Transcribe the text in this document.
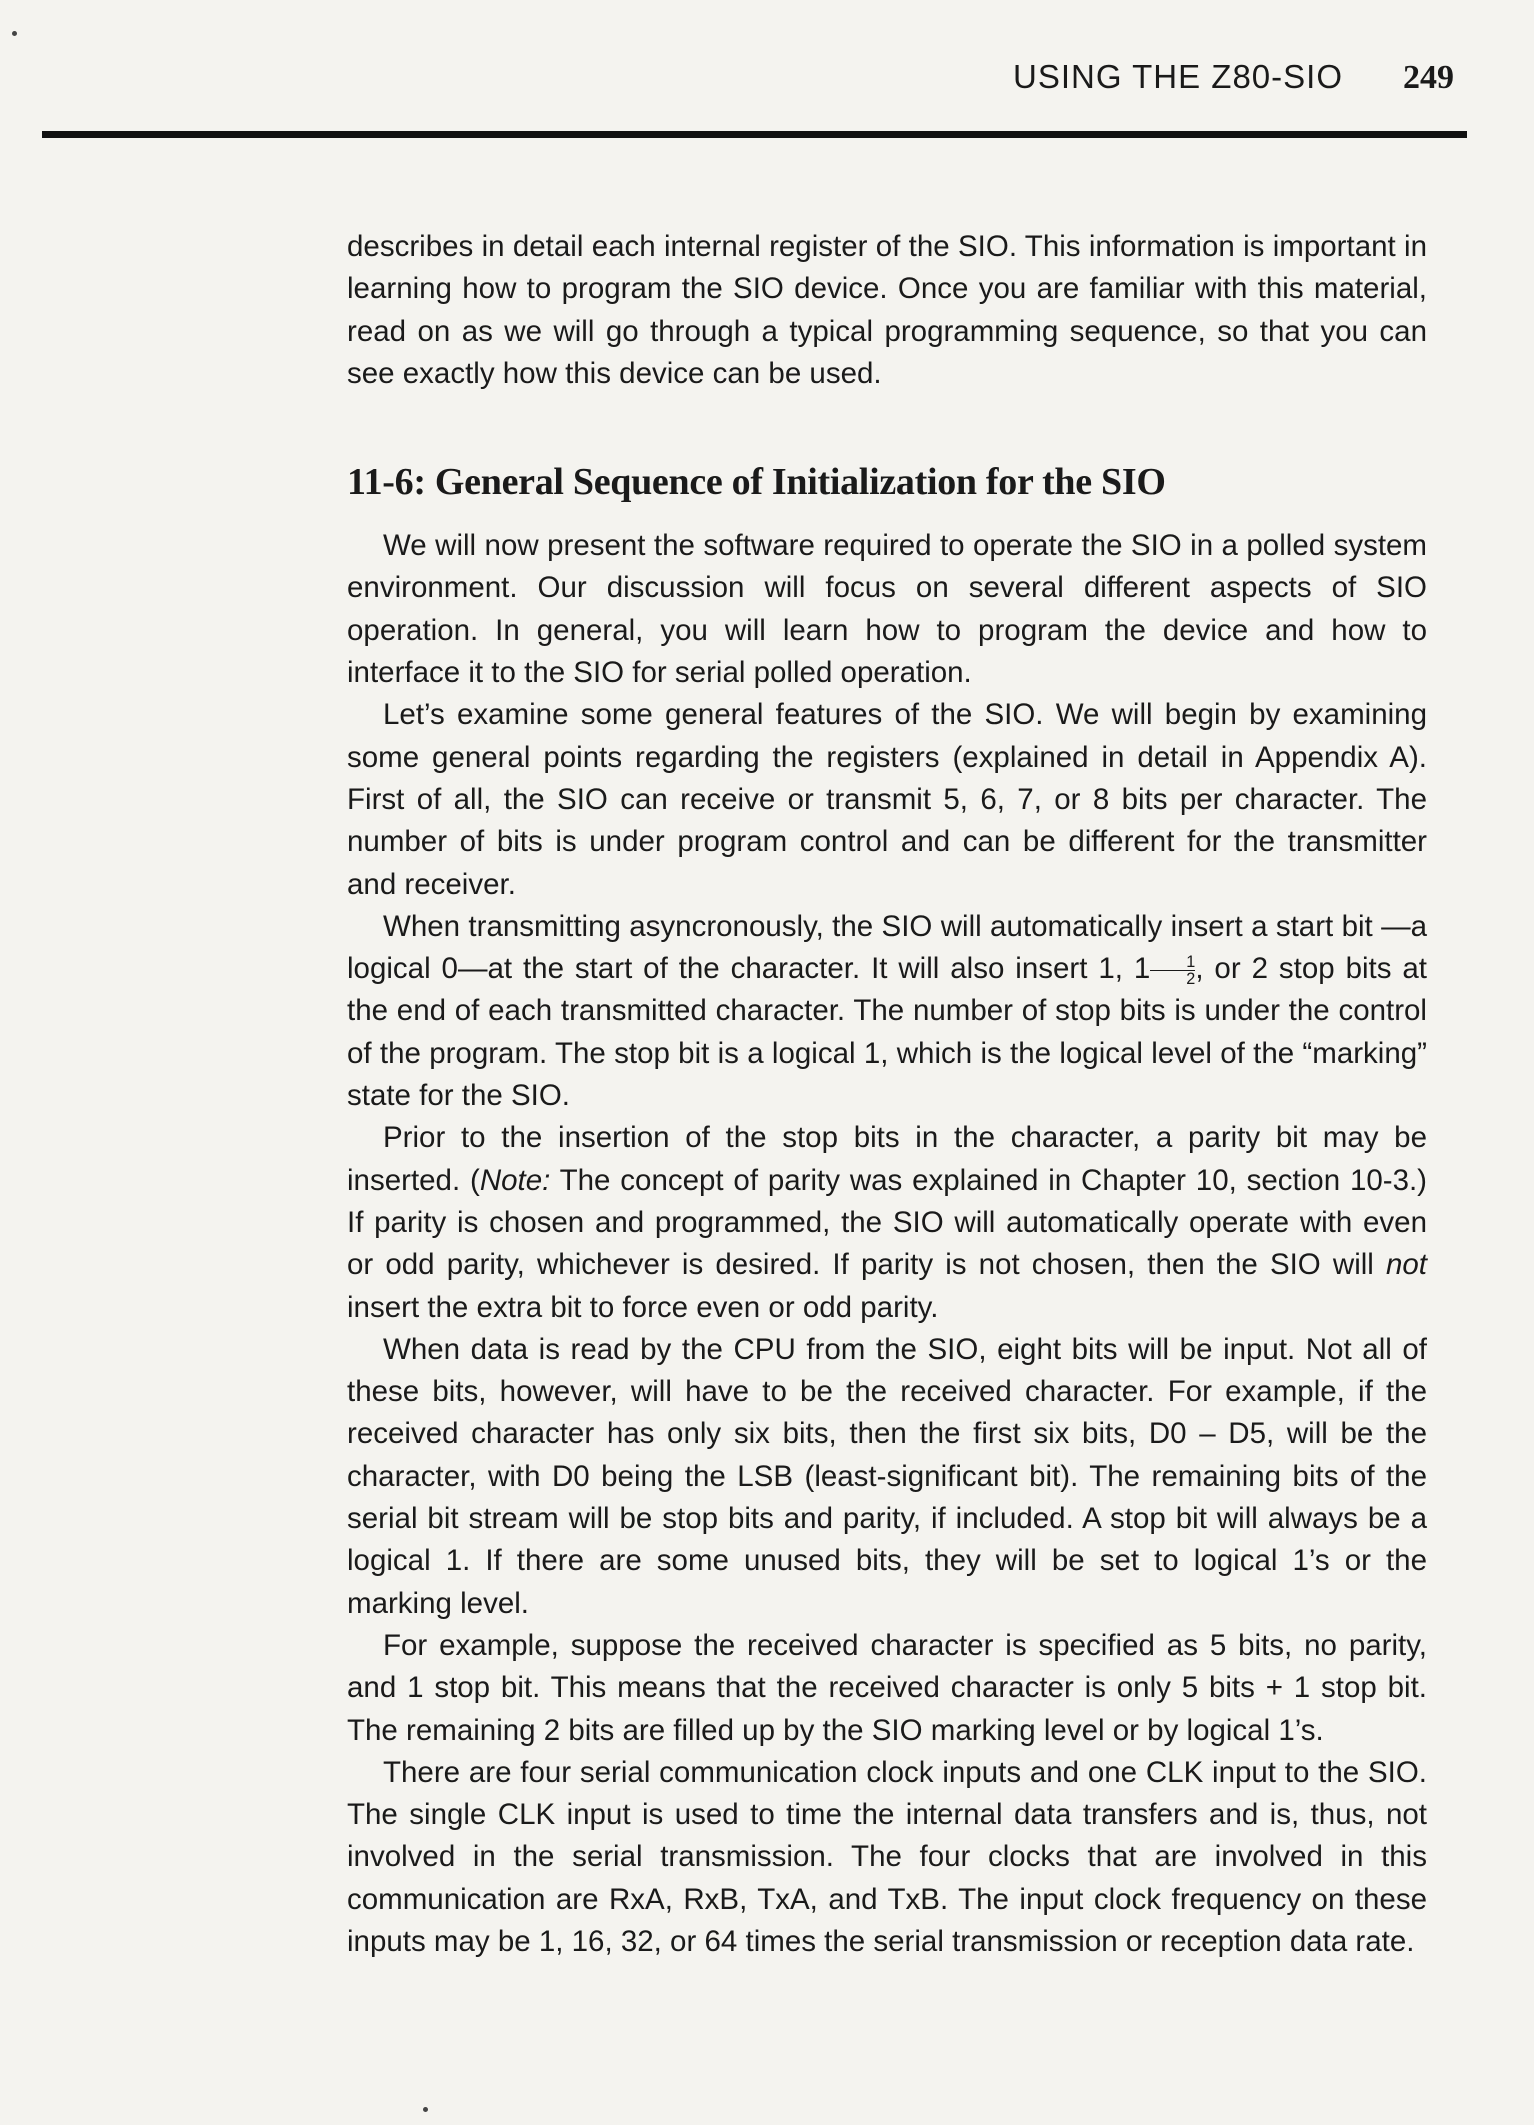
USING THE Z80-SIO 249

describes in detail each internal register of the SIO. This information is important in learning how to program the SIO device. Once you are familiar with this material, read on as we will go through a typical programming sequence, so that you can see exactly how this device can be used.

11-6: General Sequence of Initialization for the SIO

We will now present the software required to operate the SIO in a polled system environment. Our discussion will focus on several different aspects of SIO operation. In general, you will learn how to program the device and how to interface it to the SIO for serial polled operation.

Let’s examine some general features of the SIO. We will begin by examining some general points regarding the registers (explained in detail in Appendix A). First of all, the SIO can receive or transmit 5, 6, 7, or 8 bits per character. The number of bits is under program control and can be different for the transmitter and receiver.

When transmitting asyncronously, the SIO will automatically insert a start bit —a logical 0—at the start of the character. It will also insert 1, $1 \frac{1}{2}$ , or 2 stop bits at the end of each transmitted character. The number of stop bits is under the control of the program. The stop bit is a logical 1, which is the logical level of the “marking” state for the SIO.

Prior to the insertion of the stop bits in the character, a parity bit may be inserted. (Note: The concept of parity was explained in Chapter 10, section 10-3.) If parity is chosen and programmed, the SIO will automatically operate with even or odd parity, whichever is desired. If parity is not chosen, then the SIO will not insert the extra bit to force even or odd parity.

When data is read by the CPU from the SIO, eight bits will be input. Not all of these bits, however, will have to be the received character. For example, if the received character has only six bits, then the first six bits, D0 – D5, will be the character, with D0 being the LSB (least-significant bit). The remaining bits of the serial bit stream will be stop bits and parity, if included. A stop bit will always be a logical 1. If there are some unused bits, they will be set to logical 1’s or the marking level.

For example, suppose the received character is specified as 5 bits, no parity, and 1 stop bit. This means that the received character is only 5 bits + 1 stop bit. The remaining 2 bits are filled up by the SIO marking level or by logical 1’s.

There are four serial communication clock inputs and one CLK input to the SIO. The single CLK input is used to time the internal data transfers and is, thus, not involved in the serial transmission. The four clocks that are involved in this communication are RxA, RxB, TxA, and TxB. The input clock frequency on these inputs may be 1, 16, 32, or 64 times the serial transmission or reception data rate.
